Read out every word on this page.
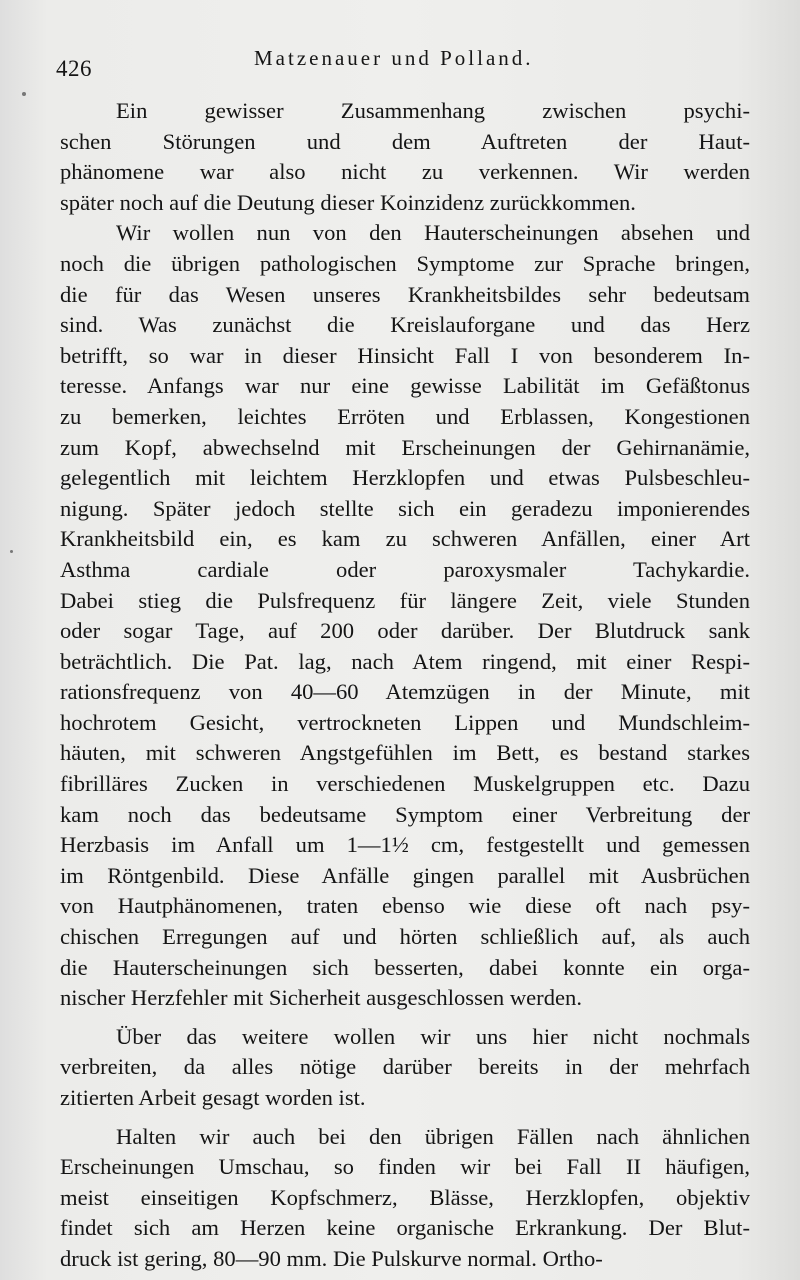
426	Matzenauer und Polland.
Ein gewisser Zusammenhang zwischen psychi-
schen Störungen und dem Auftreten der Haut-
phänomene war also nicht zu verkennen. Wir werden
später noch auf die Deutung dieser Koinzidenz zurückkommen.
Wir wollen nun von den Hauterscheinungen absehen und
noch die übrigen pathologischen Symptome zur Sprache bringen,
die für das Wesen unseres Krankheitsbildes sehr bedeutsam
sind. Was zunächst die Kreislauforgane und das Herz
betrifft, so war in dieser Hinsicht Fall I von besonderem In-
teresse. Anfangs war nur eine gewisse Labilität im Gefäßtonus
zu bemerken, leichtes Erröten und Erblassen, Kongestionen
zum Kopf, abwechselnd mit Erscheinungen der Gehirnanämie,
gelegentlich mit leichtem Herzklopfen und etwas Pulsbeschleu-
nigung. Später jedoch stellte sich ein geradezu imponierendes
Krankheitsbild ein, es kam zu schweren Anfällen, einer Art
Asthma cardiale oder paroxysmaler Tachykardie.
Dabei stieg die Pulsfrequenz für längere Zeit, viele Stunden
oder sogar Tage, auf 200 oder darüber. Der Blutdruck sank
beträchtlich. Die Pat. lag, nach Atem ringend, mit einer Respi-
rationsfrequenz von 40—60 Atemzügen in der Minute, mit
hochrotem Gesicht, vertrockneten Lippen und Mundschleim-
häuten, mit schweren Angstgefühlen im Bett, es bestand starkes
fibrilläres Zucken in verschiedenen Muskelgruppen etc. Dazu
kam noch das bedeutsame Symptom einer Verbreitung der
Herzbasis im Anfall um 1—1½ cm, festgestellt und gemessen
im Röntgenbild. Diese Anfälle gingen parallel mit Ausbrüchen
von Hautphänomenen, traten ebenso wie diese oft nach psy-
chischen Erregungen auf und hörten schließlich auf, als auch
die Hauterscheinungen sich besserten, dabei konnte ein orga-
nischer Herzfehler mit Sicherheit ausgeschlossen werden.
Über das weitere wollen wir uns hier nicht nochmals
verbreiten, da alles nötige darüber bereits in der mehrfach
zitierten Arbeit gesagt worden ist.
Halten wir auch bei den übrigen Fällen nach ähnlichen
Erscheinungen Umschau, so finden wir bei Fall II häufigen,
meist einseitigen Kopfschmerz, Blässe, Herzklopfen, objektiv
findet sich am Herzen keine organische Erkrankung. Der Blut-
druck ist gering, 80—90 mm. Die Pulskurve normal. Ortho-
